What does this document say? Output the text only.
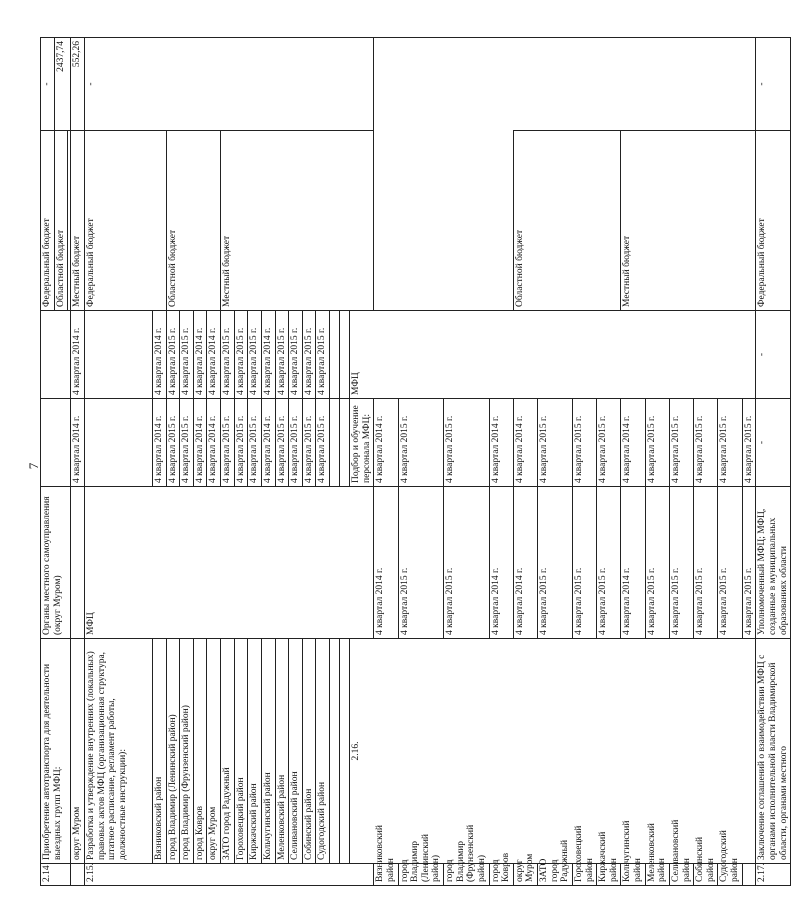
7
2.14	Приобретение автотранспорта для деятельности выездных групп МФЦ:	Органы местного самоуправления (округ Муром)			Федеральный бюджет	-	
					Областной бюджет	2437,74	

	округ Муром		4 квартал 2014 г.	4 квартал 2014 г.	Местный бюджет	552,26	
2.15.	Разработка и утверждение внутренних (локальных) правовых актов МФЦ (организационная структура, штатное расписание, регламент работы, должностные инструкции):	МФЦ			Федеральный бюджет	-	
	Вязниковский район		4 квартал 2014 г.	4 квартал 2014 г.			
	город Владимир (Ленинский район)		4 квартал 2015 г.	4 квартал 2015 г.	Областной бюджет		
	город Владимир (Фрунзенский район)		4 квартал 2015 г.	4 квартал 2015 г.			
	город Ковров		4 квартал 2014 г.	4 квартал 2014 г.			
	округ Муром		4 квартал 2014 г.	4 квартал 2014 г.			
	ЗАТО город Радужный		4 квартал 2015 г.	4 квартал 2015 г.	Местный бюджет		
	Гороховецкий район		4 квартал 2015 г.	4 квартал 2015 г.			
	Киржачский район		4 квартал 2015 г.	4 квартал 2015 г.			
	Кольчугинский район		4 квартал 2014 г.	4 квартал 2014 г.			
	Меленковский район		4 квартал 2015 г.	4 квартал 2015 г.			
	Селивановский район		4 квартал 2015 г.	4 квартал 2015 г.			
	Собинский район		4 квартал 2015 г.	4 квартал 2015 г.			
	Судогодский район		4 квартал 2015 г.	4 квартал 2015 г.			

	2.16.		Подбор и обучение персонала МФЦ:	МФЦ				
Вязниковский район		4 квартал 2014 г.	4 квартал 2014 г.				
город Владимир (Ленинский район)		4 квартал 2015 г.	4 квартал 2015 г.				
город Владимир (Фрунзенский район)		4 квартал 2015 г.	4 квартал 2015 г.				
город Ковров		4 квартал 2014 г.	4 квартал 2014 г.				
округ Муром		4 квартал 2014 г.	4 квартал 2014 г.		Областной бюджет		
ЗАТО город Радужный		4 квартал 2015 г.	4 квартал 2015 г.				
Гороховецкий район		4 квартал 2015 г.	4 квартал 2015 г.				
Киржачский район		4 квартал 2015 г.	4 квартал 2015 г.				
Кольчугинский район		4 квартал 2014 г.	4 квартал 2014 г.		Местный бюджет		
Меленковский район		4 квартал 2015 г.	4 квартал 2015 г.				
Селивановский район		4 квартал 2015 г.	4 квартал 2015 г.				
Собинский район		4 квартал 2015 г.	4 квартал 2015 г.				
Судогодский район		4 квартал 2015 г.	4 квартал 2015 г.				
		4 квартал 2015 г.	4 квартал 2015 г.				
2.17.	Заключение соглашений о взаимодействии МФЦ с органами исполнительной власти Владимирской области, органами местного	Уполномоченный МФЦ; МФЦ, созданные в муниципальных образованиях области	-	-	Федеральный бюджет	-	
